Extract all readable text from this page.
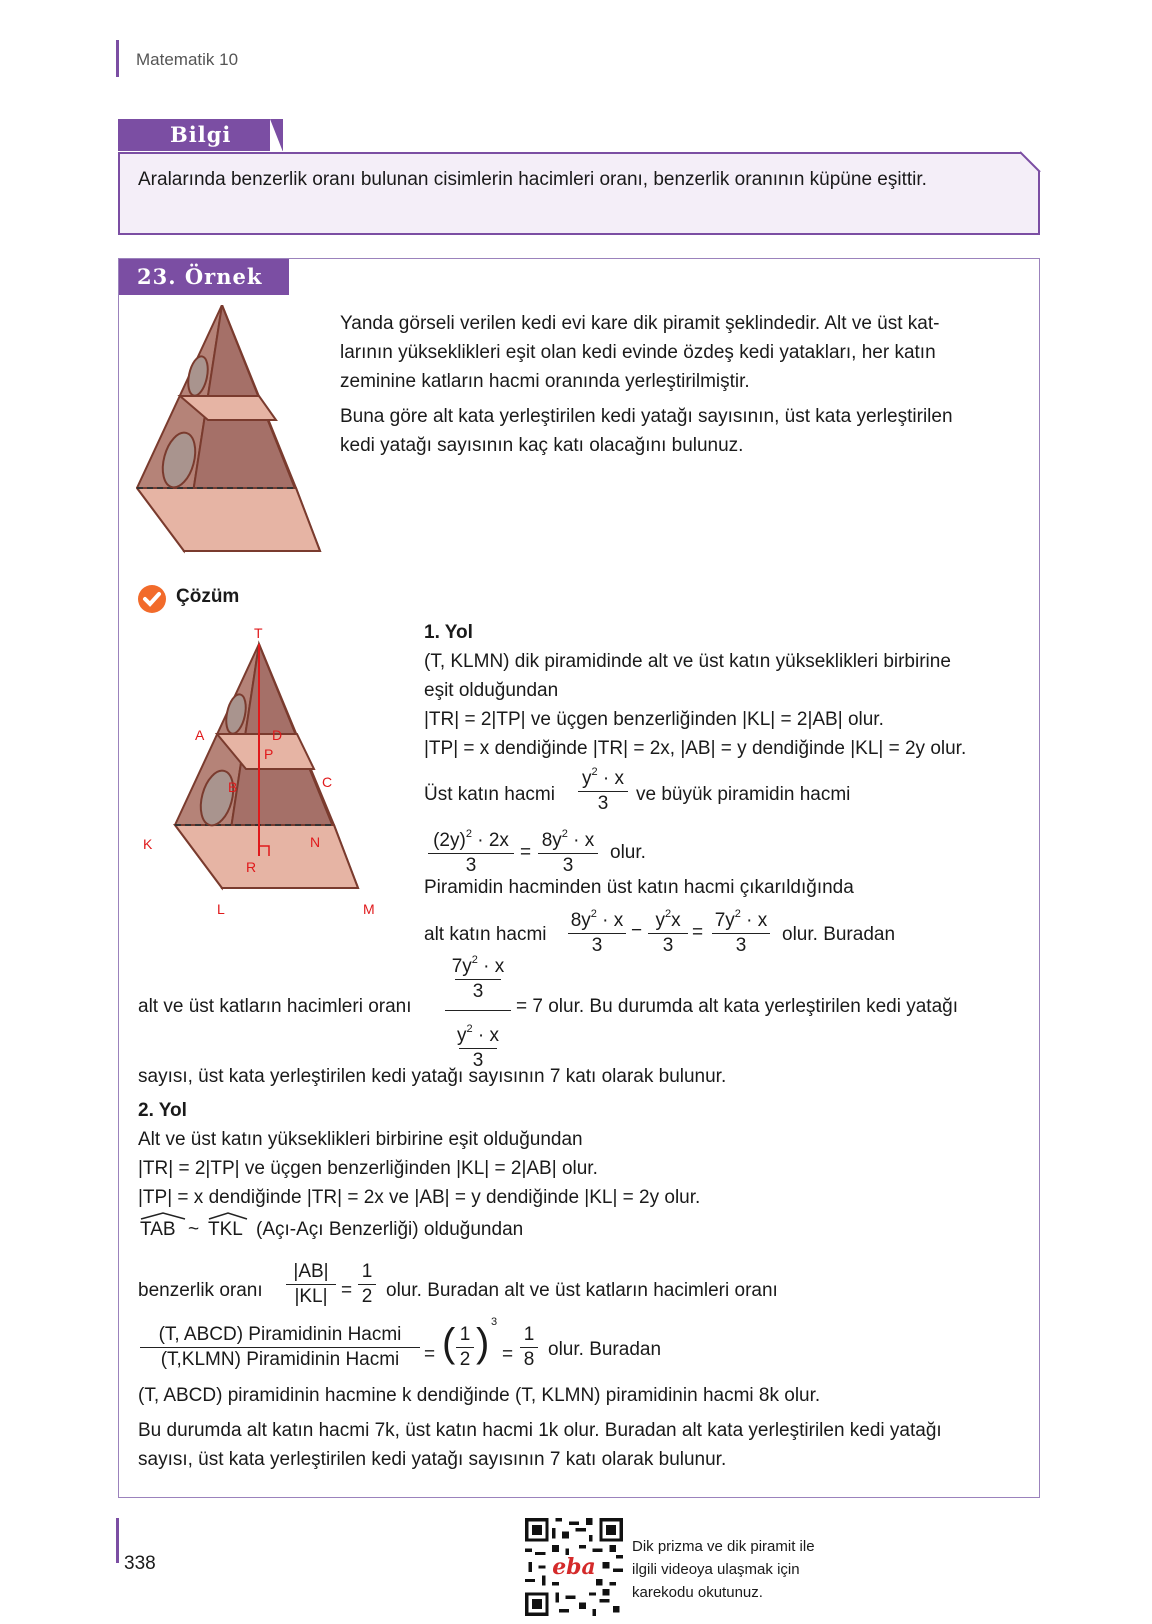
Matematik 10
Bilgi
Aralarında benzerlik oranı bulunan cisimlerin hacimleri oranı, benzerlik oranının küpüne eşittir.
23. Örnek
Yanda görseli verilen kedi evi kare dik piramit şeklindedir. Alt ve üst kat-
larının yükseklikleri eşit olan kedi evinde özdeş kedi yatakları, her katın
zeminine katların hacmi oranında yerleştirilmiştir.
Buna göre alt kata yerleştirilen kedi yatağı sayısının, üst kata yerleştirilen
kedi yatağı sayısının kaç katı olacağını bulunuz.
Çözüm
T
A	D
P
B	C
K	N
R
L	M
1. Yol
(T, KLMN) dik piramidinde alt ve üst katın yükseklikleri birbirine
eşit olduğundan
|TR| = 2|TP| ve üçgen benzerliğinden |KL| = 2|AB| olur.
|TP| = x dendiğinde |TR| = 2x, |AB| = y dendiğinde |KL| = 2y olur.
Üst katın hacmi $\frac{y^2 \cdot x}{3}$ ve büyük piramidin hacmi
$\frac{(2y)^2 \cdot 2x}{3} = \frac{8y^2 \cdot x}{3}$ olur.
Piramidin hacminden üst katın hacmi çıkarıldığında
alt katın hacmi $\frac{8y^2 \cdot x}{3} - \frac{y^2x}{3} = \frac{7y^2 \cdot x}{3}$ olur. Buradan
alt ve üst katların hacimleri oranı
$7y^2 \cdot x$
3
$y^2 \cdot x$
3
= 7 olur. Bu durumda alt kata yerleştirilen kedi yatağı
sayısı, üst kata yerleştirilen kedi yatağı sayısının 7 katı olarak bulunur.
2. Yol
Alt ve üst katın yükseklikleri birbirine eşit olduğundan
|TR| = 2|TP| ve üçgen benzerliğinden |KL| = 2|AB| olur.
|TP| = x dendiğinde |TR| = 2x ve |AB| = y dendiğinde |KL| = 2y olur.
TAB ~ TKL (Açı-Açı Benzerliği) olduğundan
benzerlik oranı $\frac{|AB|}{|KL|} = \frac{1}{2}$ olur. Buradan alt ve üst katların hacimleri oranı
(T, ABCD) Piramidinin Hacmi
(T,KLMN) Piramidinin Hacmi	= ( $\frac{1}{2}$ ) 3
= $\frac{1}{8}$ olur. Buradan
(T, ABCD) piramidinin hacmine k dendiğinde (T, KLMN) piramidinin hacmi 8k olur.
Bu durumda alt katın hacmi 7k, üst katın hacmi 1k olur. Buradan alt kata yerleştirilen kedi yatağı
sayısı, üst kata yerleştirilen kedi yatağı sayısının 7 katı olarak bulunur.
338	eba
Dik prizma ve dik piramit ile
ilgili videoya ulaşmak için
karekodu okutunuz.
